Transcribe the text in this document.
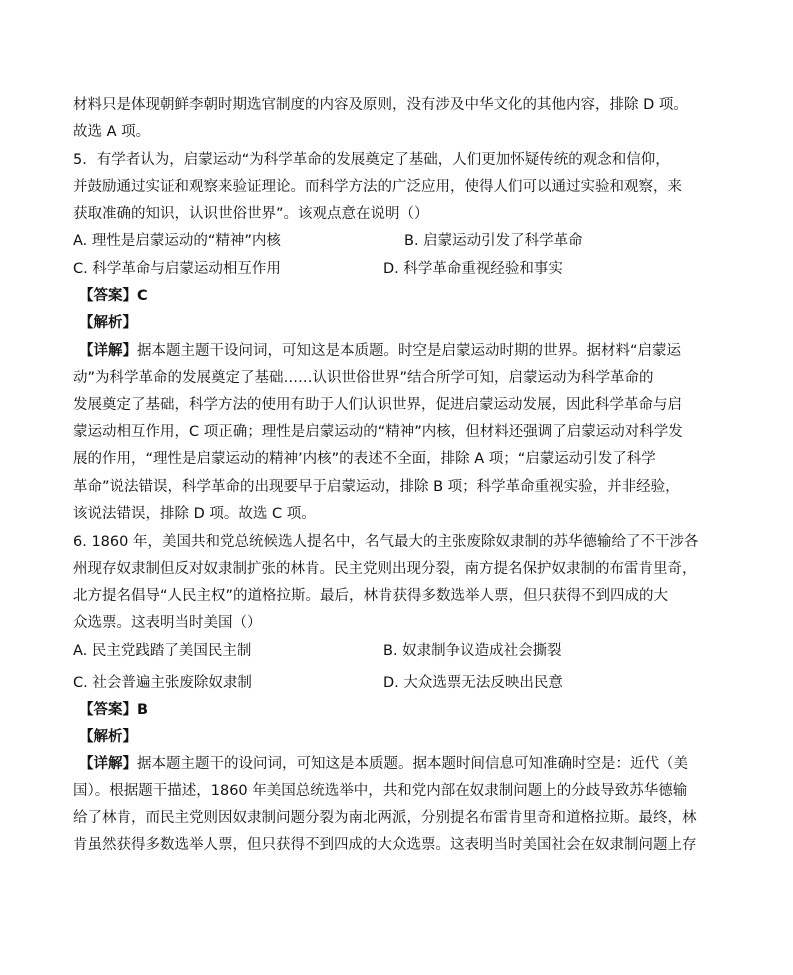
材料只是体现朝鲜李朝时期选官制度的内容及原则，没有涉及中华文化的其他内容，排除 D 项。
故选 A 项。
5．有学者认为，启蒙运动“为科学革命的发展奠定了基础，人们更加怀疑传统的观念和信仰，
并鼓励通过实证和观察来验证理论。而科学方法的广泛应用，使得人们可以通过实验和观察，来
获取准确的知识，认识世俗世界”。该观点意在说明（）
A. 理性是启蒙运动的“精神”内核	B. 启蒙运动引发了科学革命
C. 科学革命与启蒙运动相互作用	D. 科学革命重视经验和事实
【答案】C
【解析】
【详解】据本题主题干设问词，可知这是本质题。时空是启蒙运动时期的世界。据材料“启蒙运
动”为科学革命的发展奠定了基础……认识世俗世界”结合所学可知，启蒙运动为科学革命的
发展奠定了基础，科学方法的使用有助于人们认识世界，促进启蒙运动发展，因此科学革命与启
蒙运动相互作用，C 项正确；理性是启蒙运动的“精神”内核，但材料还强调了启蒙运动对科学发
展的作用，“理性是启蒙运动的精神’内核”的表述不全面，排除 A 项；“启蒙运动引发了科学
革命”说法错误，科学革命的出现要早于启蒙运动，排除 B 项；科学革命重视实验，并非经验，
该说法错误，排除 D 项。故选 C 项。
6. 1860 年，美国共和党总统候选人提名中，名气最大的主张废除奴隶制的苏华德输给了不干涉各
州现存奴隶制但反对奴隶制扩张的林肯。民主党则出现分裂，南方提名保护奴隶制的布雷肯里奇，
北方提名倡导“人民主权”的道格拉斯。最后，林肯获得多数选举人票，但只获得不到四成的大
众选票。这表明当时美国（）
A. 民主党践踏了美国民主制	B. 奴隶制争议造成社会撕裂
C. 社会普遍主张废除奴隶制	D. 大众选票无法反映出民意
【答案】B
【解析】
【详解】据本题主题干的设问词，可知这是本质题。据本题时间信息可知准确时空是：近代（美
国）。根据题干描述，1860 年美国总统选举中，共和党内部在奴隶制问题上的分歧导致苏华德输
给了林肯，而民主党则因奴隶制问题分裂为南北两派，分别提名布雷肯里奇和道格拉斯。最终，林
肯虽然获得多数选举人票，但只获得不到四成的大众选票。这表明当时美国社会在奴隶制问题上存
